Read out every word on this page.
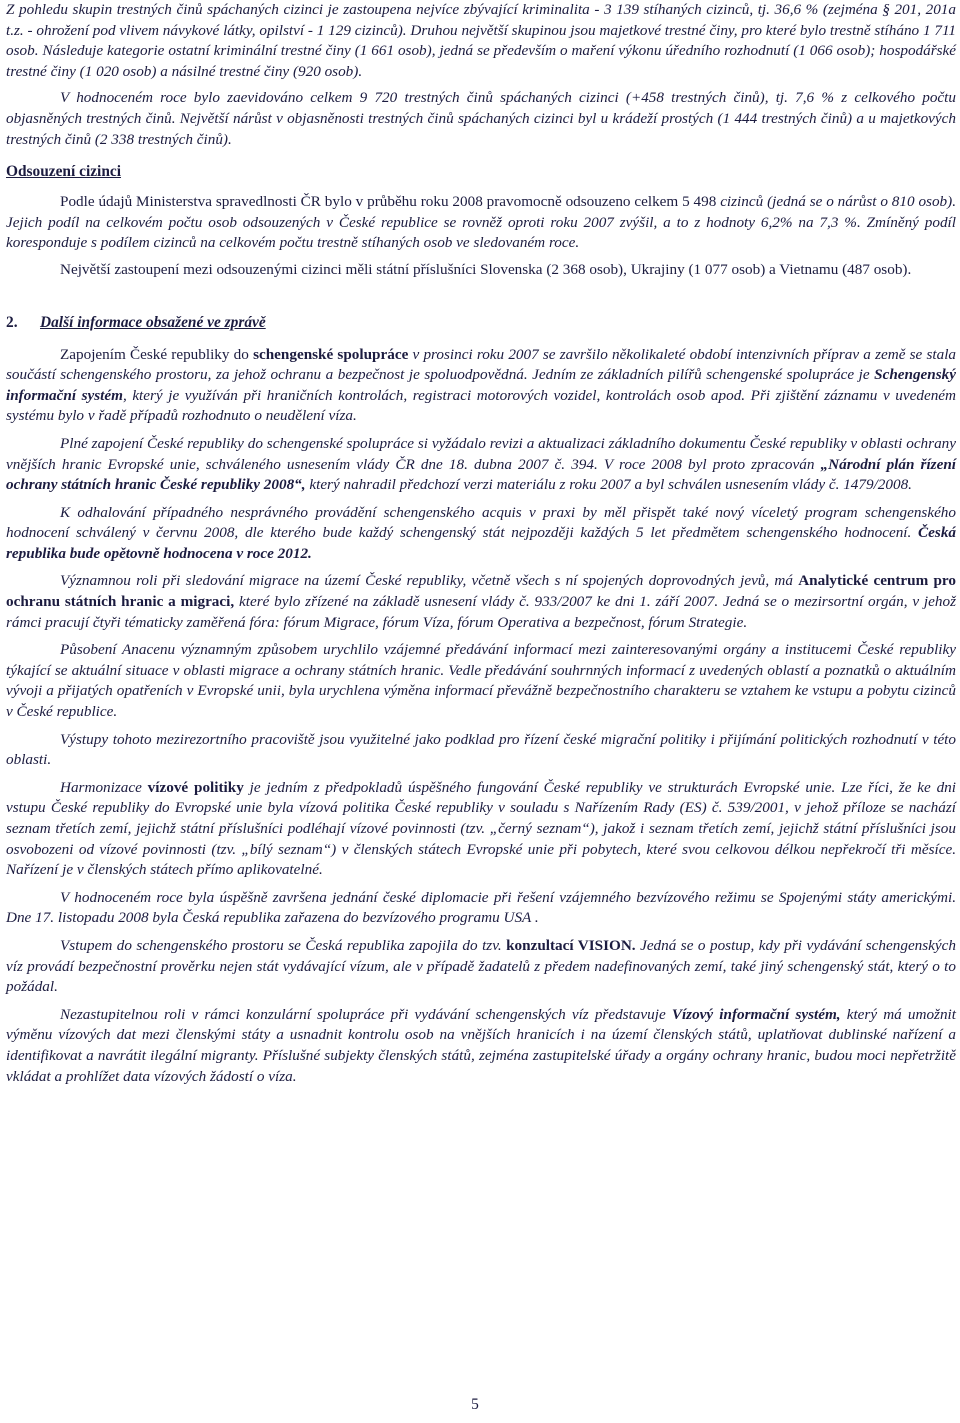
Z pohledu skupin trestných činů spáchaných cizinci je zastoupena nejvíce zbývající kriminalita - 3 139 stíhaných cizinců, tj. 36,6 % (zejména § 201, 201a t.z. - ohrožení pod vlivem návykové látky, opilství - 1 129 cizinců). Druhou největší skupinou jsou majetkové trestné činy, pro které bylo trestně stíháno 1 711 osob. Následuje kategorie ostatní kriminální trestné činy (1 661 osob), jedná se především o maření výkonu úředního rozhodnutí (1 066 osob); hospodářské trestné činy (1 020 osob) a násilné trestné činy (920 osob).

V hodnoceném roce bylo zaevidováno celkem 9 720 trestných činů spáchaných cizinci (+458 trestných činů), tj. 7,6 % z celkového počtu objasněných trestných činů. Největší nárůst v objasněnosti trestných činů spáchaných cizinci byl u krádeží prostých (1 444 trestných činů) a u majetkových trestných činů (2 338 trestných činů).

Odsouzení cizinci

Podle údajů Ministerstva spravedlnosti ČR bylo v průběhu roku 2008 pravomocně odsouzeno celkem 5 498 cizinců (jedná se o nárůst o 810 osob). Jejich podíl na celkovém počtu osob odsouzených v České republice se rovněž oproti roku 2007 zvýšil, a to z hodnoty 6,2% na 7,3 %. Zmíněný podíl koresponduje s podílem cizinců na celkovém počtu trestně stíhaných osob ve sledovaném roce.

Největší zastoupení mezi odsouzenými cizinci měli státní příslušníci Slovenska (2 368 osob), Ukrajiny (1 077 osob) a Vietnamu (487 osob).

2. Další informace obsažené ve zprávě

Zapojením České republiky do schengenské spolupráce v prosinci roku 2007 se završilo několikaleté období intenzivních příprav a země se stala součástí schengenského prostoru, za jehož ochranu a bezpečnost je spoluodpovědná. Jedním ze základních pilířů schengenské spolupráce je Schengenský informační systém, který je využíván při hraničních kontrolách, registraci motorových vozidel, kontrolách osob apod. Při zjištění záznamu v uvedeném systému bylo v řadě případů rozhodnuto o neudělení víza.

Plné zapojení České republiky do schengenské spolupráce si vyžádalo revizi a aktualizaci základního dokumentu České republiky v oblasti ochrany vnějších hranic Evropské unie, schváleného usnesením vlády ČR dne 18. dubna 2007 č. 394. V roce 2008 byl proto zpracován „Národní plán řízení ochrany státních hranic České republiky 2008“, který nahradil předchozí verzi materiálu z roku 2007 a byl schválen usnesením vlády č. 1479/2008.

K odhalování případného nesprávného provádění schengenského acquis v praxi by měl přispět také nový víceletý program schengenského hodnocení schválený v červnu 2008, dle kterého bude každý schengenský stát nejpozději každých 5 let předmětem schengenského hodnocení. Česká republika bude opětovně hodnocena v roce 2012.

Významnou roli při sledování migrace na území České republiky, včetně všech s ní spojených doprovodných jevů, má Analytické centrum pro ochranu státních hranic a migraci, které bylo zřízené na základě usnesení vlády č. 933/2007 ke dni 1. září 2007. Jedná se o mezirsortní orgán, v jehož rámci pracují čtyři tématicky zaměřená fóra: fórum Migrace, fórum Víza, fórum Operativa a bezpečnost, fórum Strategie.

Působení Anacenu významným způsobem urychlilo vzájemné předávání informací mezi zainteresovanými orgány a institucemi České republiky týkající se aktuální situace v oblasti migrace a ochrany státních hranic. Vedle předávání souhrnných informací z uvedených oblastí a poznatků o aktuálním vývoji a přijatých opatřeních v Evropské unii, byla urychlena výměna informací převážně bezpečnostního charakteru se vztahem ke vstupu a pobytu cizinců v České republice.

Výstupy tohoto mezirezortního pracoviště jsou využitelné jako podklad pro řízení české migrační politiky i přijímání politických rozhodnutí v této oblasti.

Harmonizace vízové politiky je jedním z předpokladů úspěšného fungování České republiky ve strukturách Evropské unie. Lze říci, že ke dni vstupu České republiky do Evropské unie byla vízová politika České republiky v souladu s Nařízením Rady (ES) č. 539/2001, v jehož příloze se nachází seznam třetích zemí, jejichž státní příslušníci podléhají vízové povinnosti (tzv. „černý seznam“), jakož i seznam třetích zemí, jejichž státní příslušníci jsou osvobozeni od vízové povinnosti (tzv. „bílý seznam“) v členských státech Evropské unie při pobytech, které svou celkovou délkou nepřekročí tři měsíce. Nařízení je v členských státech přímo aplikovatelné.

V hodnoceném roce byla úspěšně završena jednání české diplomacie při řešení vzájemného bezvízového režimu se Spojenými státy americkými. Dne 17. listopadu 2008 byla Česká republika zařazena do bezvízového programu USA .

Vstupem do schengenského prostoru se Česká republika zapojila do tzv. konzultací VISION. Jedná se o postup, kdy při vydávání schengenských víz provádí bezpečnostní prověrku nejen stát vydávající vízum, ale v případě žadatelů z předem nadefinovaných zemí, také jiný schengenský stát, který o to požádal.

Nezastupitelnou roli v rámci konzulární spolupráce při vydávání schengenských víz představuje Vízový informační systém, který má umožnit výměnu vízových dat mezi členskými státy a usnadnit kontrolu osob na vnějších hranicích i na území členských států, uplatňovat dublinské nařízení a identifikovat a navrátit ilegální migranty. Příslušné subjekty členských států, zejména zastupitelské úřady a orgány ochrany hranic, budou moci nepřetržitě vkládat a prohlížet data vízových žádostí o víza.

5
